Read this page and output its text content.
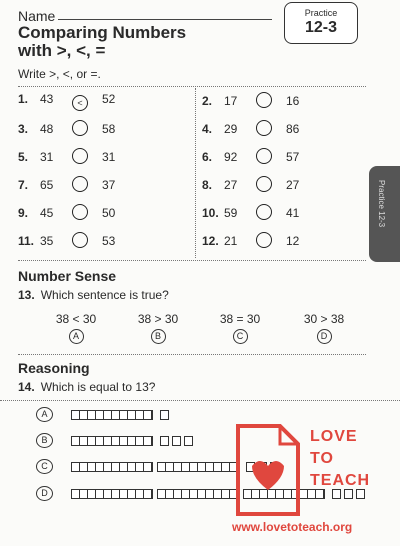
Name	Practice
12-3
Comparing Numbers
with >, <, =
Write >, <, or =.
1. 43	< 52	2. 17	16
3. 48	58	4. 29	86
5. 31	31	6. 92	57
7. 65	37	8. 27	27
9. 45	50	10. 59	41
11. 35	53	12. 21	12
Practice 12-3
Number Sense
13. Which sentence is true?
38 < 30
A
38 > 30
B
38 = 30
C
30 > 38
D
Reasoning
14. Which is equal to 13?
A
B
C
D
LOVE
TO
TEACH
www.lovetoteach.org
